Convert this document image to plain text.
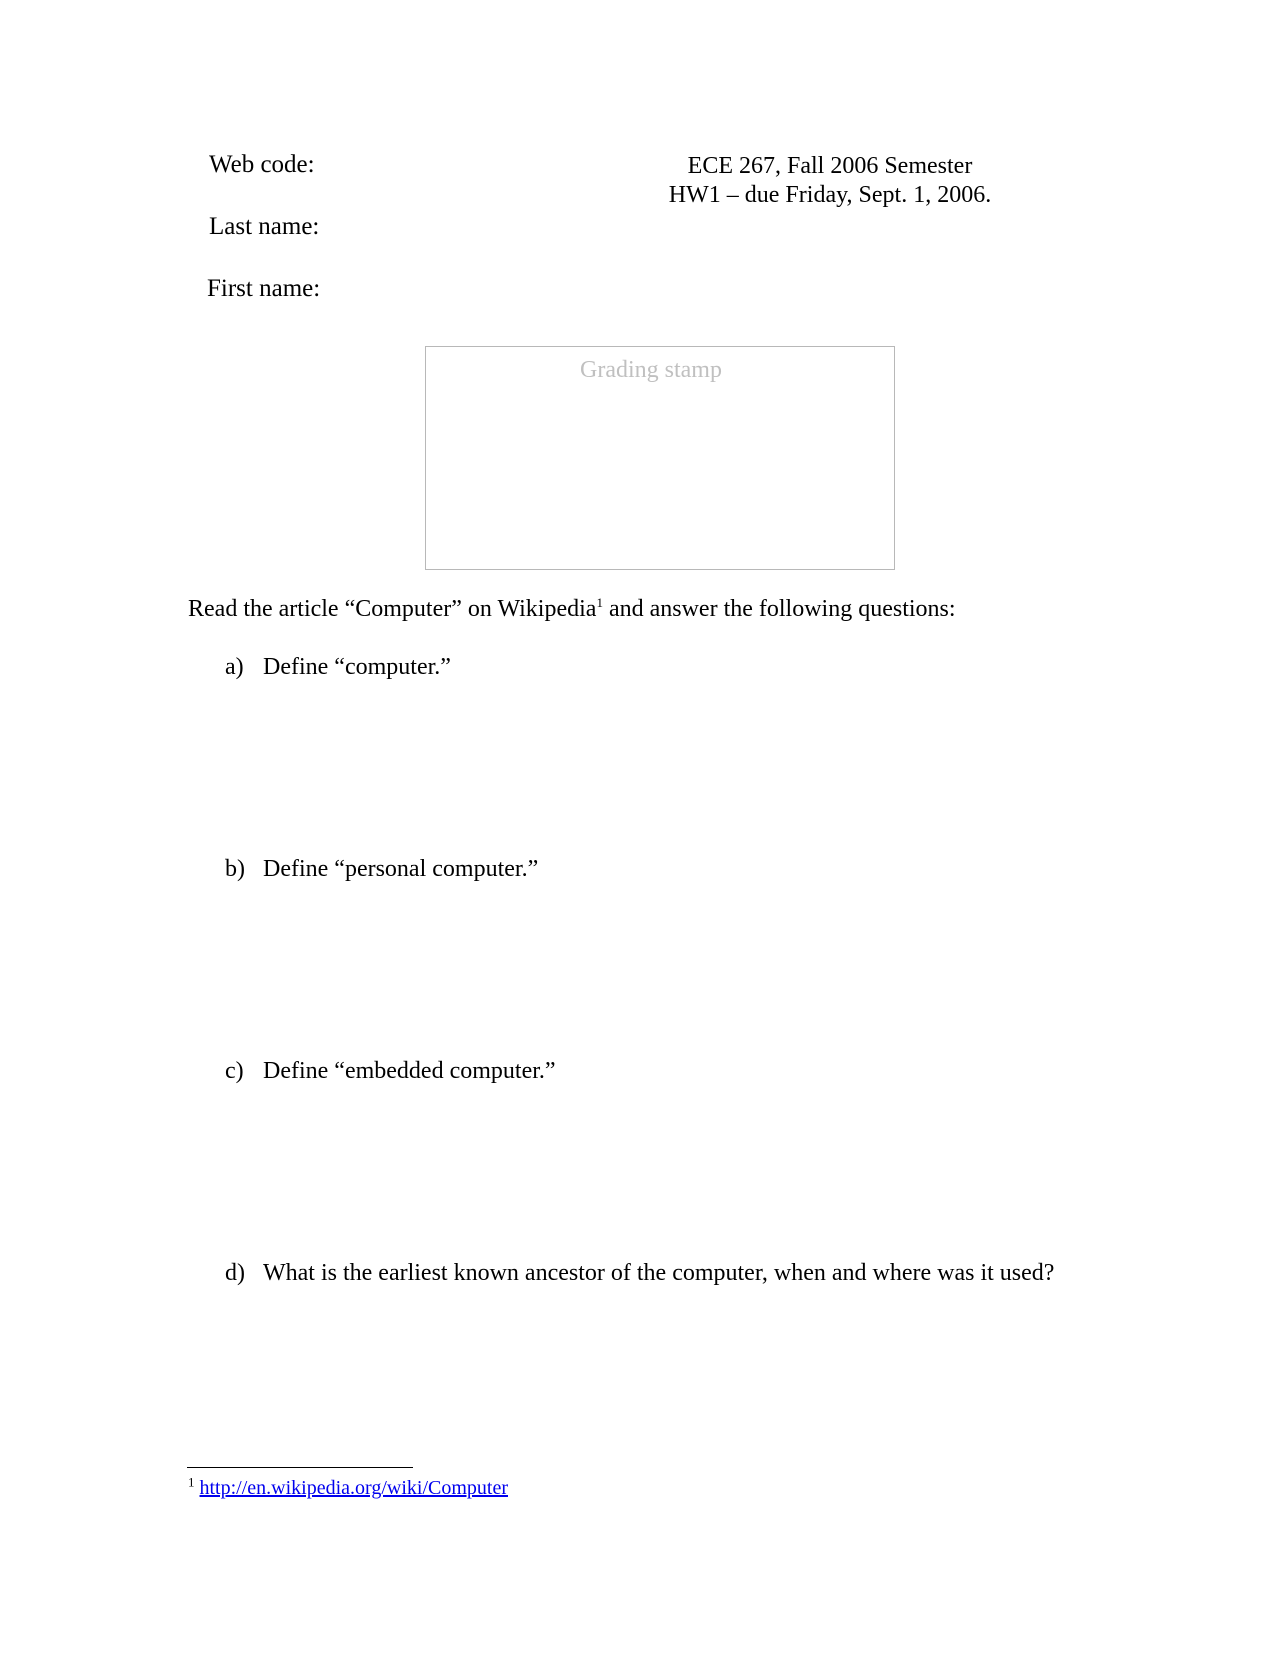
Web code:
Last name:
First name:
ECE 267, Fall 2006 Semester
HW1 – due Friday, Sept. 1, 2006.
Grading stamp
Read the article “Computer” on Wikipedia$^1$ and answer the following questions:
a) Define “computer.”
b) Define “personal computer.”
c) Define “embedded computer.”
d) What is the earliest known ancestor of the computer, when and where was it used?
$^1$ http://en.wikipedia.org/wiki/Computer
